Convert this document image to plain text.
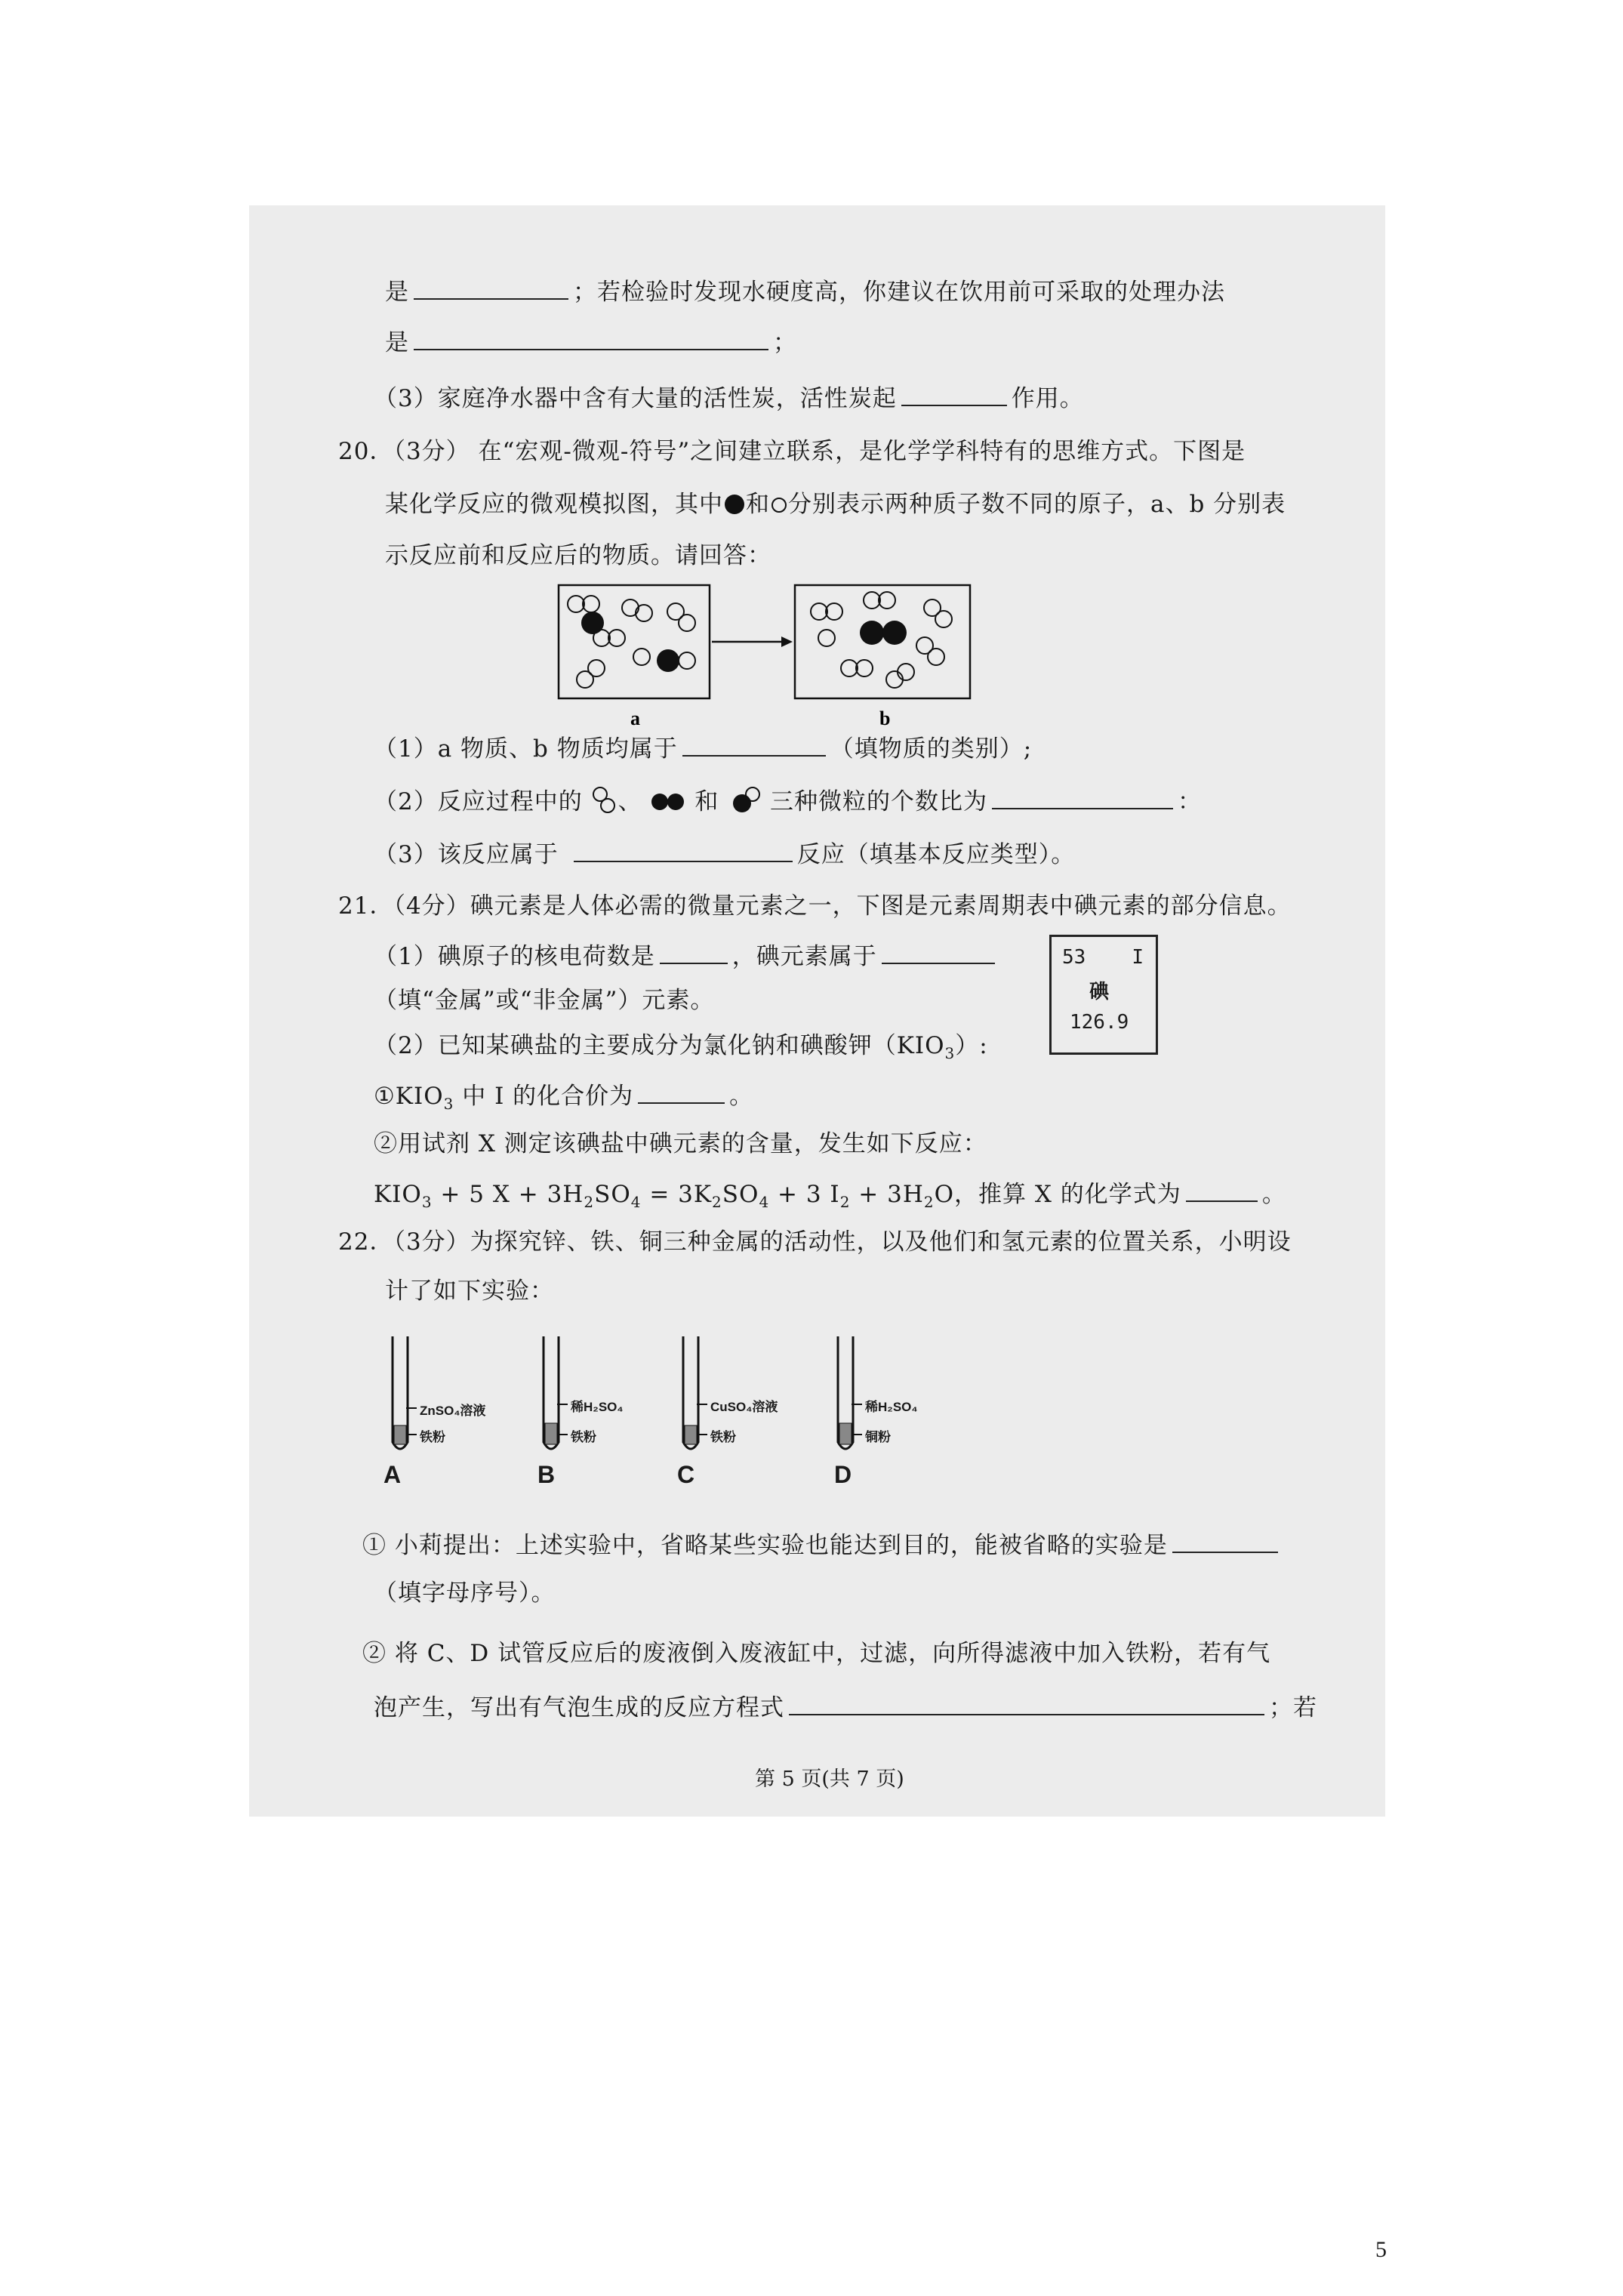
是	；若检验时发现水硬度高，你建议在饮用前可采取的处理办法
是	；
（3）家庭净水器中含有大量的活性炭，活性炭起	作用。
20．（3分） 在“宏观-微观-符号”之间建立联系，是化学学科特有的思维方式。下图是
某化学反应的微观模拟图，其中 和 分别表示两种质子数不同的原子，a、b 分别表
示反应前和反应后的物质。请回答：
a	b
（1）a 物质、b 物质均属于	（填物质的类别）;
（2）反应过程中的 、 和 三种微粒的个数比为	：
（3）该反应属于	反应（填基本反应类型）。
21．（4分）碘元素是人体必需的微量元素之一，下图是元素周期表中碘元素的部分信息。
（1）碘原子的核电荷数是	，碘元素属于
（填“金属”或“非金属”）元素。
53 I
碘
126.9
（2）已知某碘盐的主要成分为氯化钠和碘酸钾$(KIO_3)$:
$①KIO_3$ 中 I 的化合价为	。
②用试剂 X 测定该碘盐中碘元素的含量，发生如下反应：
$KIO_3 + 5$ $X + 3H_2SO_4 = 3K_2SO_4 + 3$ $I_2 + 3H_2O$，推算 X 的化学式为	。
22．（3分）为探究锌、铁、铜三种金属的活动性，以及他们和氢元素的位置关系，小明设
计了如下实验：
ZnSO₄溶液
铁粉
A
稀H₂SO₄
铁粉
B
CuSO₄溶液
铁粉
C
稀H₂SO₄
铜粉
D
① 小莉提出：上述实验中，省略某些实验也能达到目的，能被省略的实验是
（填字母序号）。
② 将 C、D 试管反应后的废液倒入废液缸中，过滤，向所得滤液中加入铁粉，若有气
泡产生，写出有气泡生成的反应方程式	；若
第 5 页(共 7 页)
5
